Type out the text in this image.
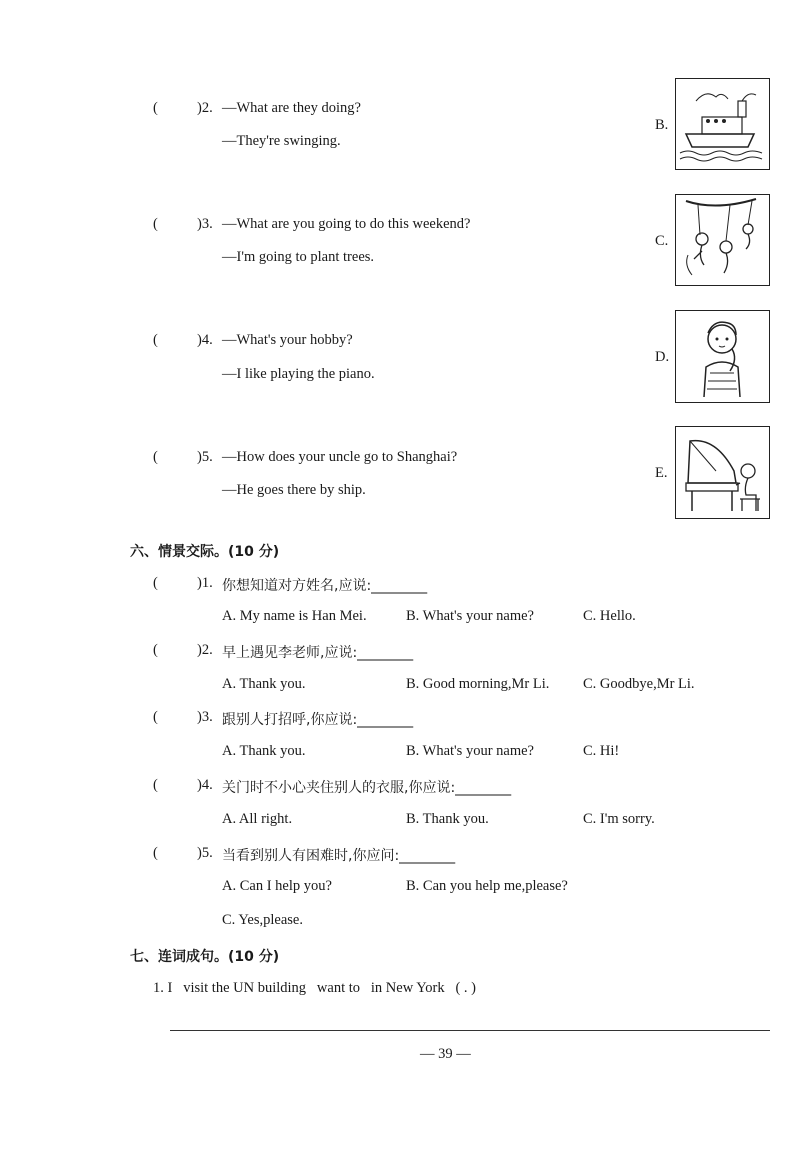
(	)2. —What are they doing?
—They're swinging.
(	)3. —What are you going to do this weekend?
—I'm going to plant trees.
(	)4. —What's your hobby?
—I like playing the piano.
(	)5. —How does your uncle go to Shanghai?
—He goes there by ship.
B.
C.
D.
E.
六、情景交际。(10 分)
(	)1. 你想知道对方姓名,应说:________
A. My name is Han Mei.	B. What's your name?	C. Hello.
(	)2. 早上遇见李老师,应说:________
A. Thank you.	B. Good morning,Mr Li. C. Goodbye,Mr Li.
(	)3. 跟别人打招呼,你应说:________
A. Thank you.	B. What's your name?	C. Hi!
(	)4. 关门时不小心夹住别人的衣服,你应说:________
A. All right.	B. Thank you.	C. I'm sorry.
(	)5. 当看到别人有困难时,你应问:________
A. Can I help you?	B. Can you help me,please?
C. Yes,please.
七、连词成句。(10 分)
1. I   visit the UN building   want to   in New York   ( . )
— 39 —
